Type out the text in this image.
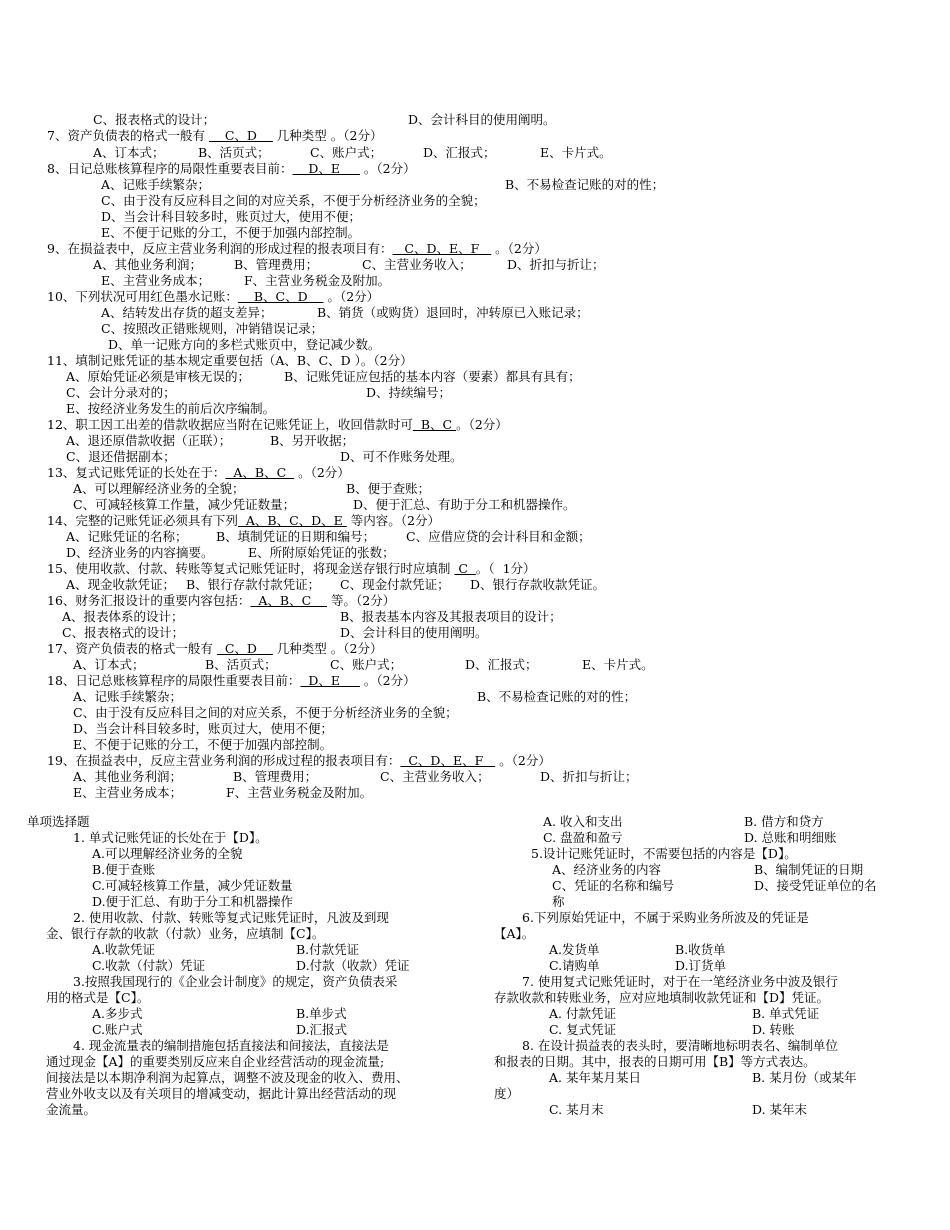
C、报表格式的设计；	D、会计科目的使用阐明。
7、资产负债表的格式一般有     C、D     几种类型 。（2分）
A、订本式；	B、活页式；	C、账户式；	D、汇报式；	E、卡片式。
8、日记总账核算程序的局限性重要表目前：    D、E      。（2分）
A、记账手续繁杂；	B、不易检查记账的对的性；
C、由于没有反应科目之间的对应关系，不便于分析经济业务的全貌；
D、当会计科目较多时，账页过大，使用不便；
E、不便于记账的分工，不便于加强内部控制。
9、在损益表中，反应主营业务利润的形成过程的报表项目有：   C、D、E、F    。（2分）
A、其他业务利润；	B、管理费用；	C、主营业务收入；	D、折扣与折让；
E、主营业务成本；	F、主营业务税金及附加。
10、下列状况可用红色墨水记账：    B、C、D     。（2分）
A、结转发出存货的超支差异；	B、销货（或购货）退回时，冲转原已入账记录；
C、按照改正错账规则，冲销错误记录；
D、单一记账方向的多栏式账页中，登记减少数。
11、填制记账凭证的基本规定重要包括（A、B、C、D ）。（2分）
A、原始凭证必须是审核无误的；	B、记账凭证应包括的基本内容（要素）都具有具有；
C、会计分录对的；	D、持续编号；
E、按经济业务发生的前后次序编制。
12、职工因工出差的借款收据应当附在记账凭证上，收回借款时可  B、C 。（2分）
A、退还原借款收据（正联）；	B、另开收据；
C、退还借据副本；	D、可不作账务处理。
13、复式记账凭证的长处在于：  A、B、C   。（2分）
A、可以理解经济业务的全貌；	B、便于查账；
C、可减轻核算工作量，减少凭证数量；	D、便于汇总、有助于分工和机器操作。
14、完整的记账凭证必须具有下列  A、B、C、D、E  等内容。（2分）
A、记账凭证的名称； B、填制凭证的日期和编号； C、应借应贷的会计科目和金额；
D、经济业务的内容摘要。	E、所附原始凭证的张数；
15、使用收款、付款、转账等复式记账凭证时，将现金送存银行时应填制  C  。（  1分）
A、现金收款凭证； B、银行存款付款凭证； C、现金付款凭证； D、银行存款收款凭证。
16、财务汇报设计的重要内容包括：  A、B、C     等。（2分）
A、报表体系的设计；	B、报表基本内容及其报表项目的设计；
C、报表格式的设计；	D、会计科目的使用阐明。
17、资产负债表的格式一般有   C、D     几种类型 。（2分）
A、订本式；	B、活页式；	C、账户式；	D、汇报式；	E、卡片式。
18、日记总账核算程序的局限性重要表目前：  D、E      。（2分）
A、记账手续繁杂；	B、不易检查记账的对的性；
C、由于没有反应科目之间的对应关系，不便于分析经济业务的全貌；
D、当会计科目较多时，账页过大，使用不便；
E、不便于记账的分工，不便于加强内部控制。
19、在损益表中，反应主营业务利润的形成过程的报表项目有：  C、D、E、F    。（2分）
A、其他业务利润；	B、管理费用；	C、主营业务收入；	D、折扣与折让；
E、主营业务成本；	F、主营业务税金及附加。
单项选择题
1. 单式记账凭证的长处在于【D】。
A.可以理解经济业务的全貌
B.便于查账
C.可减轻核算工作量，减少凭证数量
D.便于汇总、有助于分工和机器操作
2. 使用收款、付款、转账等复式记账凭证时，凡波及到现
金、银行存款的收款（付款）业务，应填制【C】。
A.收款凭证	B.付款凭证
C.收款（付款）凭证	D.付款（收款）凭证
3.按照我国现行的《企业会计制度》的规定，资产负债表采
用的格式是【C】。
A.多步式	B.单步式
C.账户式	D.汇报式
4. 现金流量表的编制措施包括直接法和间接法，直接法是
通过现金【A】的重要类别反应来自企业经营活动的现金流量;
间接法是以本期净利润为起算点，调整不波及现金的收入、费用、
营业外收支以及有关项目的增减变动，据此计算出经营活动的现
金流量。
A. 收入和支出	B. 借方和贷方
C. 盘盈和盈亏	D. 总账和明细账
5.设计记账凭证时，不需要包括的内容是【D】。
A、经济业务的内容	B、编制凭证的日期
C、凭证的名称和编号	D、接受凭证单位的名
称
6.下列原始凭证中，不属于采购业务所波及的凭证是
【A】。
A.发货单	B.收货单
C.请购单	D.订货单
7. 使用复式记账凭证时，对于在一笔经济业务中波及银行
存款收款和转账业务，应对应地填制收款凭证和【D】凭证。
A. 付款凭证	B. 单式凭证
C. 复式凭证	D. 转账
8. 在设计损益表的表头时，要清晰地标明表名、编制单位
和报表的日期。其中，报表的日期可用【B】等方式表达。
A. 某年某月某日	B. 某月份（或某年
度）
C. 某月末	D. 某年末
